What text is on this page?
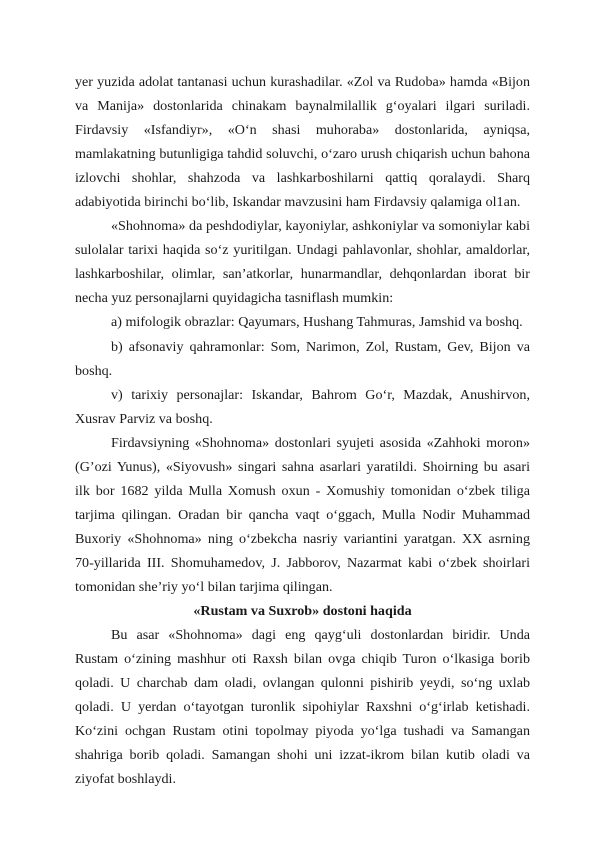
yer yuzida adolat tantanasi uchun kurashadilar. «Zol va Rudoba» hamda «Bijon va Manija» dostonlarida chinakam baynalmilallik g‘oyalari ilgari suriladi. Firdavsiy «Isfandiyr», «O‘n shasi muhoraba» dostonlarida, ayniqsa, mamlakatning butunligiga tahdid soluvchi, o‘zaro urush chiqarish uchun bahona izlovchi shohlar, shahzoda va lashkarboshilarni qattiq qoralaydi. Sharq adabiyotida birinchi bo‘lib, Iskandar mavzusini ham Firdavsiy qalamiga ol1an.

«Shohnoma» da peshdodiylar, kayoniylar, ashkoniylar va somoniylar kabi sulolalar tarixi haqida so‘z yuritilgan. Undagi pahlavonlar, shohlar, amaldorlar, lashkarboshilar, olimlar, san’atkorlar, hunarmandlar, dehqonlardan iborat bir necha yuz personajlarni quyidagicha tasniflash mumkin:

a) mifologik obrazlar: Qayumars, Hushang Tahmuras, Jamshid va boshq.

b) afsonaviy qahramonlar: Som, Narimon, Zol, Rustam, Gev, Bijon va boshq.

v) tarixiy personajlar: Iskandar, Bahrom Go‘r, Mazdak, Anushirvon, Xusrav Parviz va boshq.

Firdavsiyning «Shohnoma» dostonlari syujeti asosida «Zahhoki moron» (G’ozi Yunus), «Siyovush» singari sahna asarlari yaratildi. Shoirning bu asari ilk bor 1682 yilda Mulla Xomush oxun - Xomushiy tomonidan o‘zbek tiliga tarjima qilingan. Oradan bir qancha vaqt o‘ggach, Mulla Nodir Muhammad Buxoriy «Shohnoma» ning o‘zbekcha nasriy variantini yaratgan. XX asrning 70-yillarida III. Shomuhamedov, J. Jabborov, Nazarmat kabi o‘zbek shoirlari tomonidan she’riy yo‘l bilan tarjima qilingan.

«Rustam va Suxrob» dostoni haqida

Bu asar «Shohnoma» dagi eng qayg‘uli dostonlardan biridir. Unda Rustam o‘zining mashhur oti Raxsh bilan ovga chiqib Turon o‘lkasiga borib qoladi. U charchab dam oladi, ovlangan qulonni pishirib yeydi, so‘ng uxlab qoladi. U yerdan o‘tayotgan turonlik sipohiylar Raxshni o‘g‘irlab ketishadi. Ko‘zini ochgan Rustam otini topolmay piyoda yo‘lga tushadi va Samangan shahriga borib qoladi. Samangan shohi uni izzat-ikrom bilan kutib oladi va ziyofat boshlaydi.
